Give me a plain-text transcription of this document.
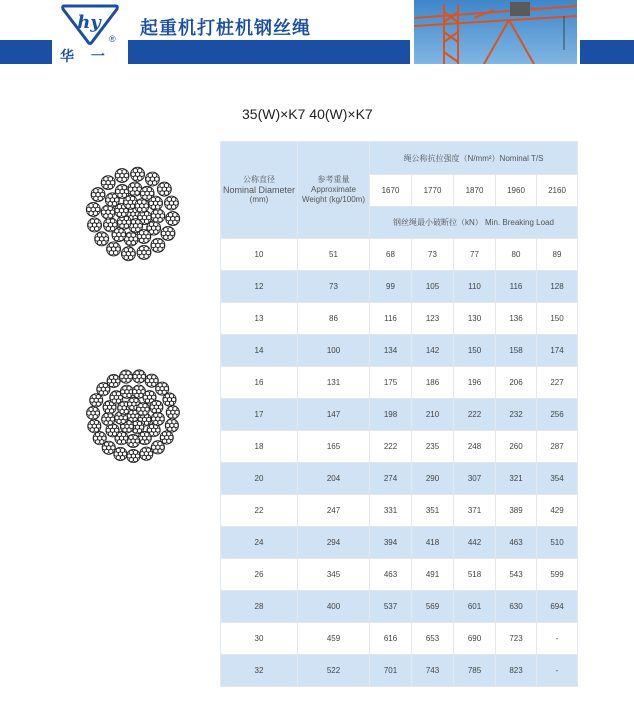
hy
华 一
® 起重机打桩机钢丝绳
35(W)×K7 40(W)×K7
公称直径
Nominal Diameter
(mm)	参考重量
Approximate
Weight (kg/100m)	绳公称抗拉强度（N/mm²）Nominal T/S				
		1670	1770	1870	1960	2160
		钢丝绳最小破断拉（kN） Min. Breaking Load				
10	51	68	73	77	80	89
12	73	99	105	110	116	128
13	86	116	123	130	136	150
14	100	134	142	150	158	174
16	131	175	186	196	206	227
17	147	198	210	222	232	256
18	165	222	235	248	260	287
20	204	274	290	307	321	354
22	247	331	351	371	389	429
24	294	394	418	442	463	510
26	345	463	491	518	543	599
28	400	537	569	601	630	694
30	459	616	653	690	723	-
32	522	701	743	785	823	-
